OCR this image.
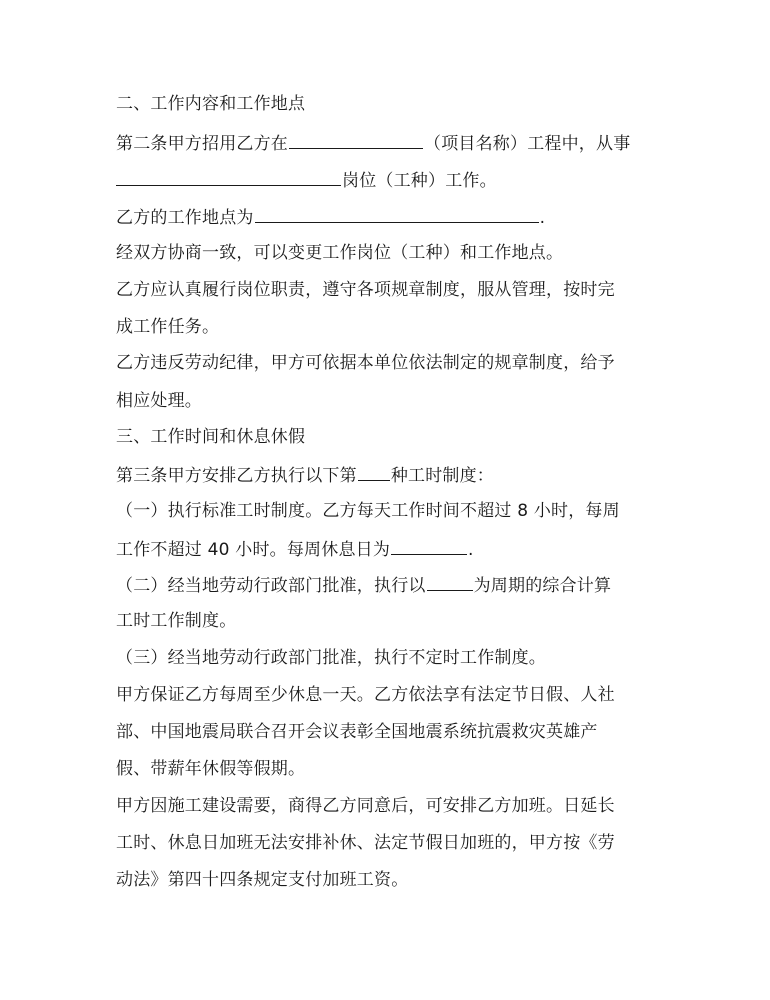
二、工作内容和工作地点
第二条甲方招用乙方在	（项目名称）工程中，从事
岗位（工种）工作。
乙方的工作地点为	.
经双方协商一致，可以变更工作岗位（工种）和工作地点。
乙方应认真履行岗位职责，遵守各项规章制度，服从管理，按时完
成工作任务。
乙方违反劳动纪律，甲方可依据本单位依法制定的规章制度，给予
相应处理。
三、工作时间和休息休假
第三条甲方安排乙方执行以下第 种工时制度：
（一）执行标准工时制度。乙方每天工作时间不超过 8 小时，每周
工作不超过 40 小时。每周休息日为	.
（二）经当地劳动行政部门批准，执行以	为周期的综合计算
工时工作制度。
（三）经当地劳动行政部门批准，执行不定时工作制度。
甲方保证乙方每周至少休息一天。乙方依法享有法定节日假、人社
部、中国地震局联合召开会议表彰全国地震系统抗震救灾英雄产
假、带薪年休假等假期。
甲方因施工建设需要，商得乙方同意后，可安排乙方加班。日延长
工时、休息日加班无法安排补休、法定节假日加班的，甲方按《劳
动法》第四十四条规定支付加班工资。
